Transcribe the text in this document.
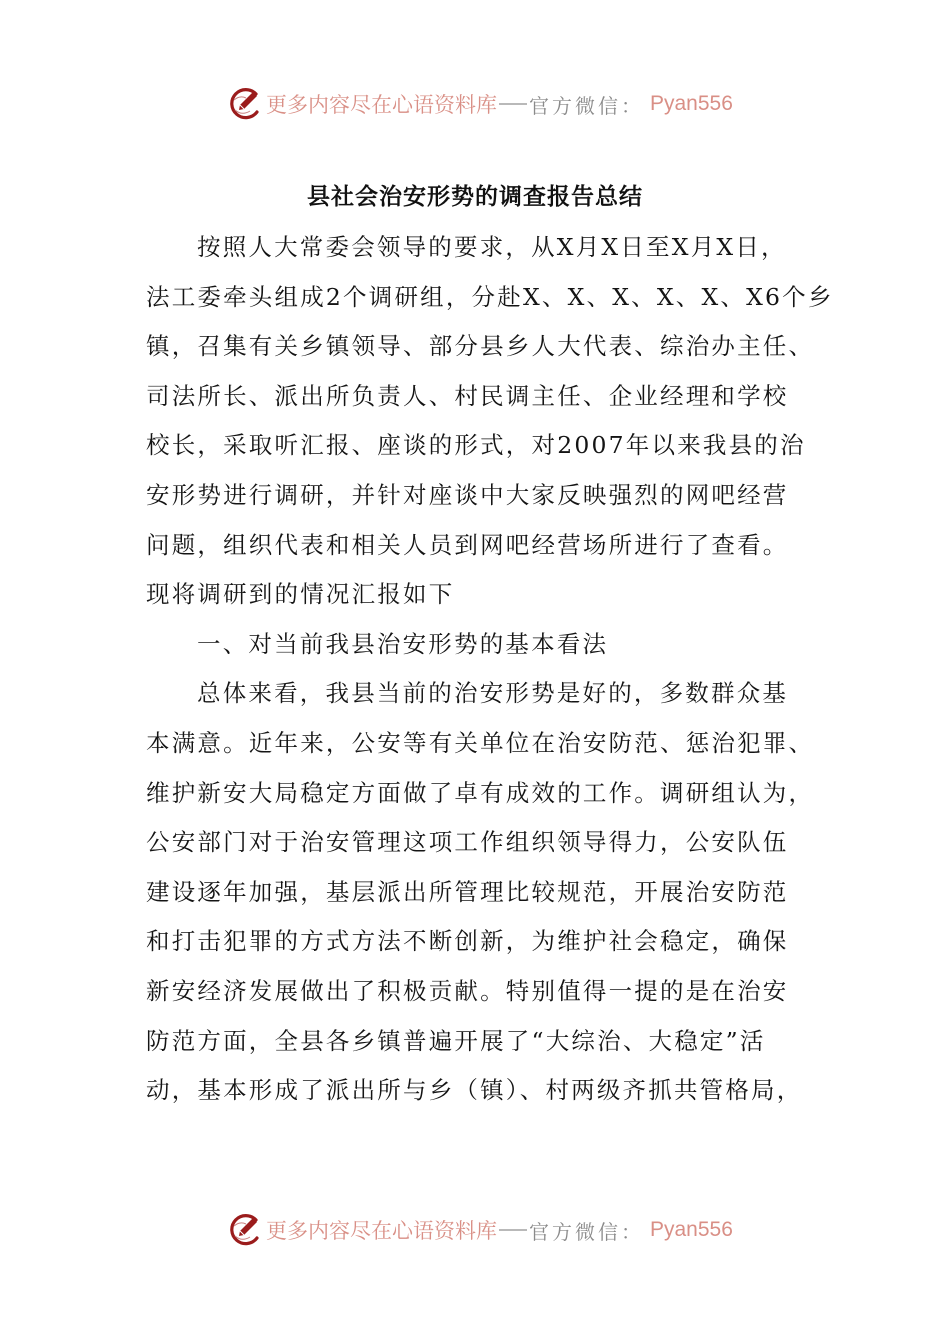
更多内容尽在心语资料库 官方微信： Pyan556
县社会治安形势的调查报告总结
按照人大常委会领导的要求，从X月X日至X月X日，
法工委牵头组成2个调研组，分赴X、X、X、X、X、X6个乡
镇，召集有关乡镇领导、部分县乡人大代表、综治办主任、
司法所长、派出所负责人、村民调主任、企业经理和学校
校长，采取听汇报、座谈的形式，对2007年以来我县的治
安形势进行调研，并针对座谈中大家反映强烈的网吧经营
问题，组织代表和相关人员到网吧经营场所进行了查看。
现将调研到的情况汇报如下
一、对当前我县治安形势的基本看法
总体来看，我县当前的治安形势是好的，多数群众基
本满意。近年来，公安等有关单位在治安防范、惩治犯罪、
维护新安大局稳定方面做了卓有成效的工作。调研组认为，
公安部门对于治安管理这项工作组织领导得力，公安队伍
建设逐年加强，基层派出所管理比较规范，开展治安防范
和打击犯罪的方式方法不断创新，为维护社会稳定，确保
新安经济发展做出了积极贡献。特别值得一提的是在治安
防范方面，全县各乡镇普遍开展了“大综治、大稳定”活
动，基本形成了派出所与乡（镇）、村两级齐抓共管格局，
更多内容尽在心语资料库 官方微信： Pyan556
